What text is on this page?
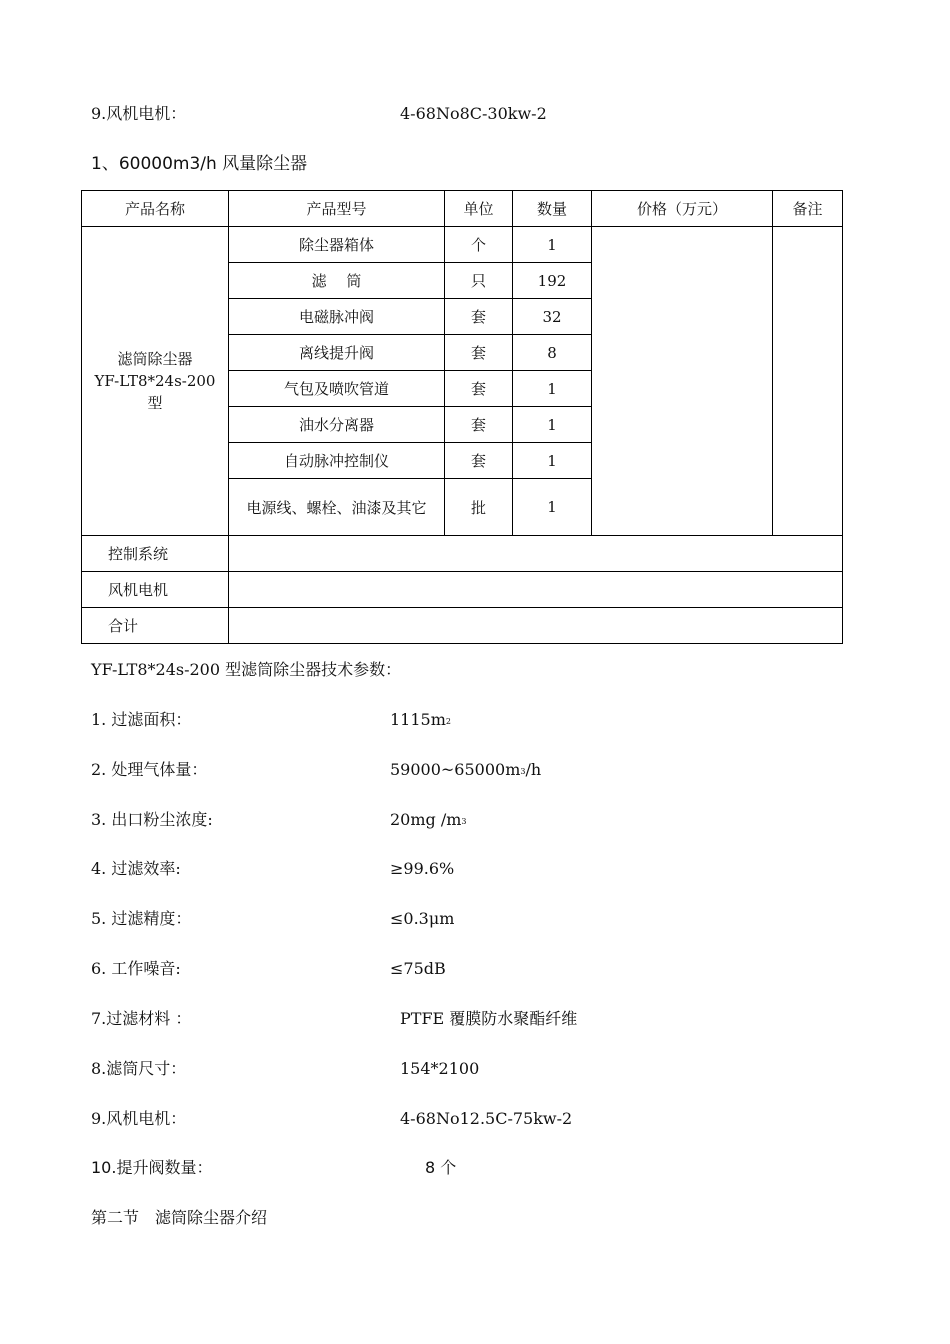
9.风机电机：	4-68No8C-30kw-2
1、60000m3/h 风量除尘器
产品名称	产品型号	单位	数量	价格（万元）	备注

滤筒除尘器
YF-LT8*24s-200
型	除尘器箱体	个	1		
	滤　 筒	只	192		
	电磁脉冲阀	套	32		
	离线提升阀	套	8		
	气包及喷吹管道	套	1		
	油水分离器	套	1		
	自动脉冲控制仪	套	1		
	电源线、螺栓、油漆及其它	批	1		
控制系统					
风机电机					
合计					
YF-LT8*24s-200 型滤筒除尘器技术参数：
1. 过滤面积：	$1115m^2$
2. 处理气体量：	$59000\sim 65000m^3/h$
3. 出口粉尘浓度:	20mg $/m^3$
4. 过滤效率:	≥99.6%
5. 过滤精度：	≤0.3μm
6. 工作噪音:	≤75dB
7.过滤材料 ：	PTFE 覆膜防水聚酯纤维
8.滤筒尺寸：	154*2100
9.风机电机：	4-68No12.5C-75kw-2
10.提升阀数量：	8 个
第二节　滤筒除尘器介绍
